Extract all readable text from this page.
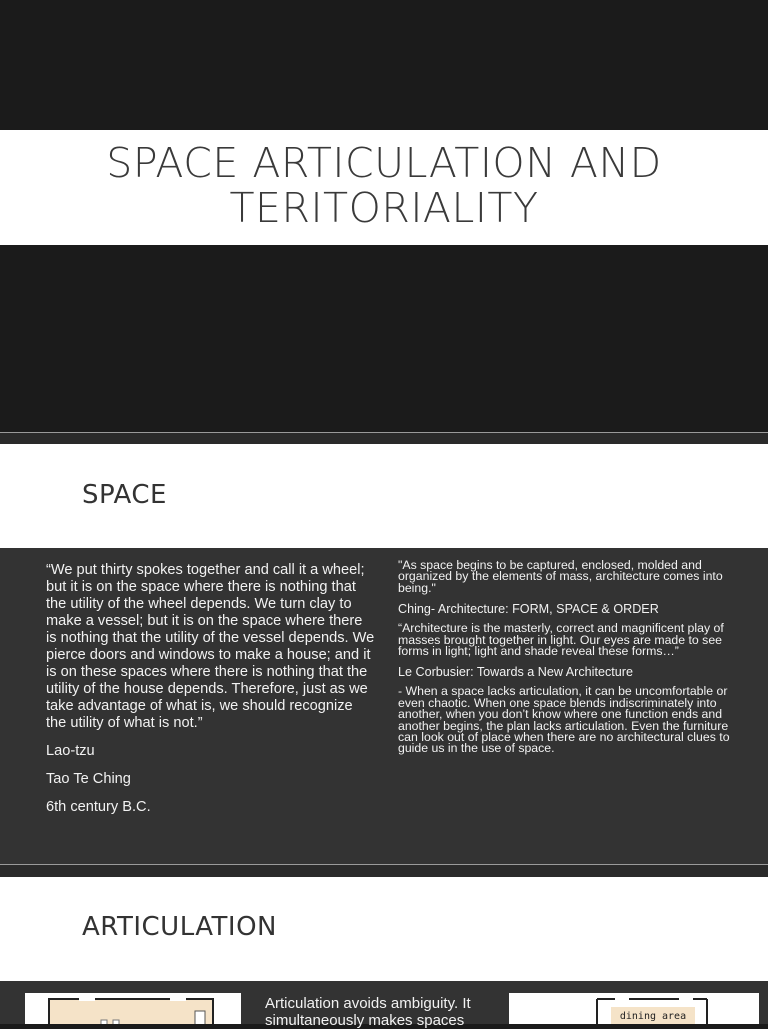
SPACE ARTICULATION AND
TERITORIALITY
SPACE

“We put thirty spokes together and call it a wheel; but it is on the space where there is nothing that the utility of the wheel depends. We turn clay to make a vessel; but it is on the space where there is nothing that the utility of the vessel depends. We pierce doors and windows to make a house; and it is on these spaces where there is nothing that the utility of the house depends. Therefore, just as we take advantage of what is, we should recognize the utility of what is not.”

Lao-tzu

Tao Te Ching

6th century B.C.

"As space begins to be captured, enclosed, molded and organized by the elements of mass, architecture comes into being."

Ching- Architecture: FORM, SPACE & ORDER

“Architecture is the masterly, correct and magnificent play of masses brought together in light. Our eyes are made to see forms in light; light and shade reveal these forms…”

Le Corbusier: Towards a New Architecture

- When a space lacks articulation, it can be uncomfortable or even chaotic. When one space blends indiscriminately into another, when you don’t know where one function ends and another begins, the plan lacks articulation. Even the furniture can look out of place when there are no architectural clues to guide us in the use of space.

ARTICULATION
Articulation avoids ambiguity. It simultaneously makes spaces	dining area
